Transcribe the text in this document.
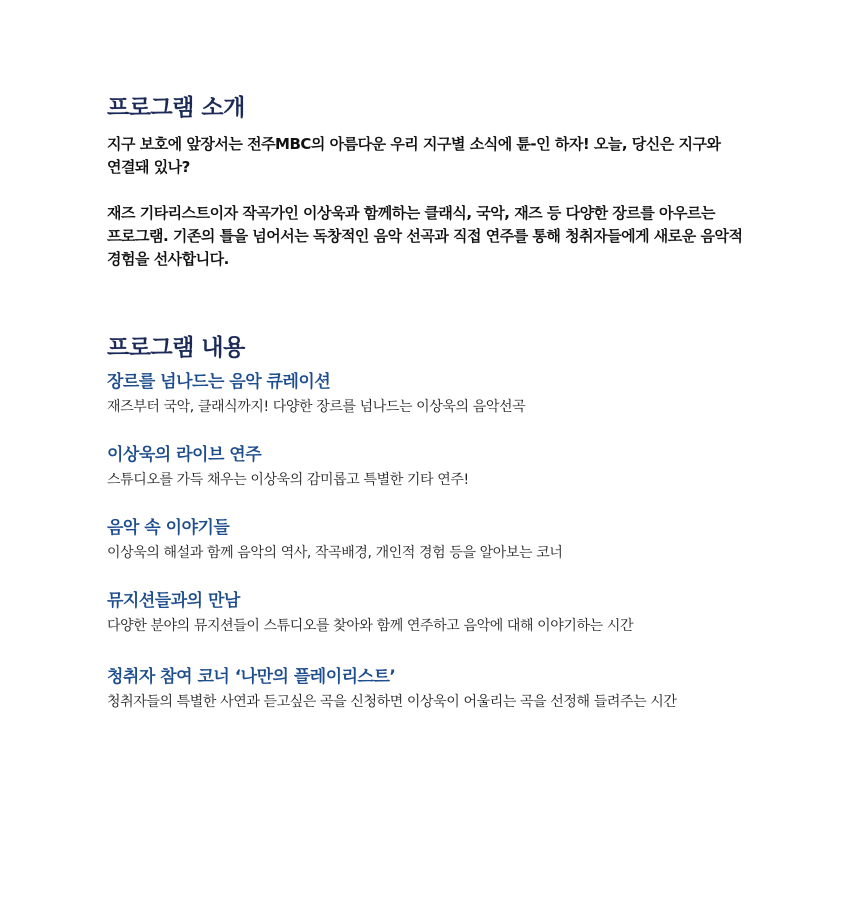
프로그램 소개

지구 보호에 앞장서는 전주MBC의 아름다운 우리 지구별 소식에 튠-인 하자! 오늘, 당신은 지구와 연결돼 있나?

재즈 기타리스트이자 작곡가인 이상욱과 함께하는 클래식, 국악, 재즈 등 다양한 장르를 아우르는 프로그램. 기존의 틀을 넘어서는 독창적인 음악 선곡과 직접 연주를 통해 청취자들에게 새로운 음악적 경험을 선사합니다.

프로그램 내용
장르를 넘나드는 음악 큐레이션

재즈부터 국악, 클래식까지! 다양한 장르를 넘나드는 이상욱의 음악선곡

이상욱의 라이브 연주

스튜디오를 가득 채우는 이상욱의 감미롭고 특별한 기타 연주!

음악 속 이야기들

이상욱의 해설과 함께 음악의 역사, 작곡배경, 개인적 경험 등을 알아보는 코너

뮤지션들과의 만남

다양한 분야의 뮤지션들이 스튜디오를 찾아와 함께 연주하고 음악에 대해 이야기하는 시간

청취자 참여 코너 ‘나만의 플레이리스트’

청취자들의 특별한 사연과 듣고싶은 곡을 신청하면 이상욱이 어울리는 곡을 선정해 들려주는 시간
